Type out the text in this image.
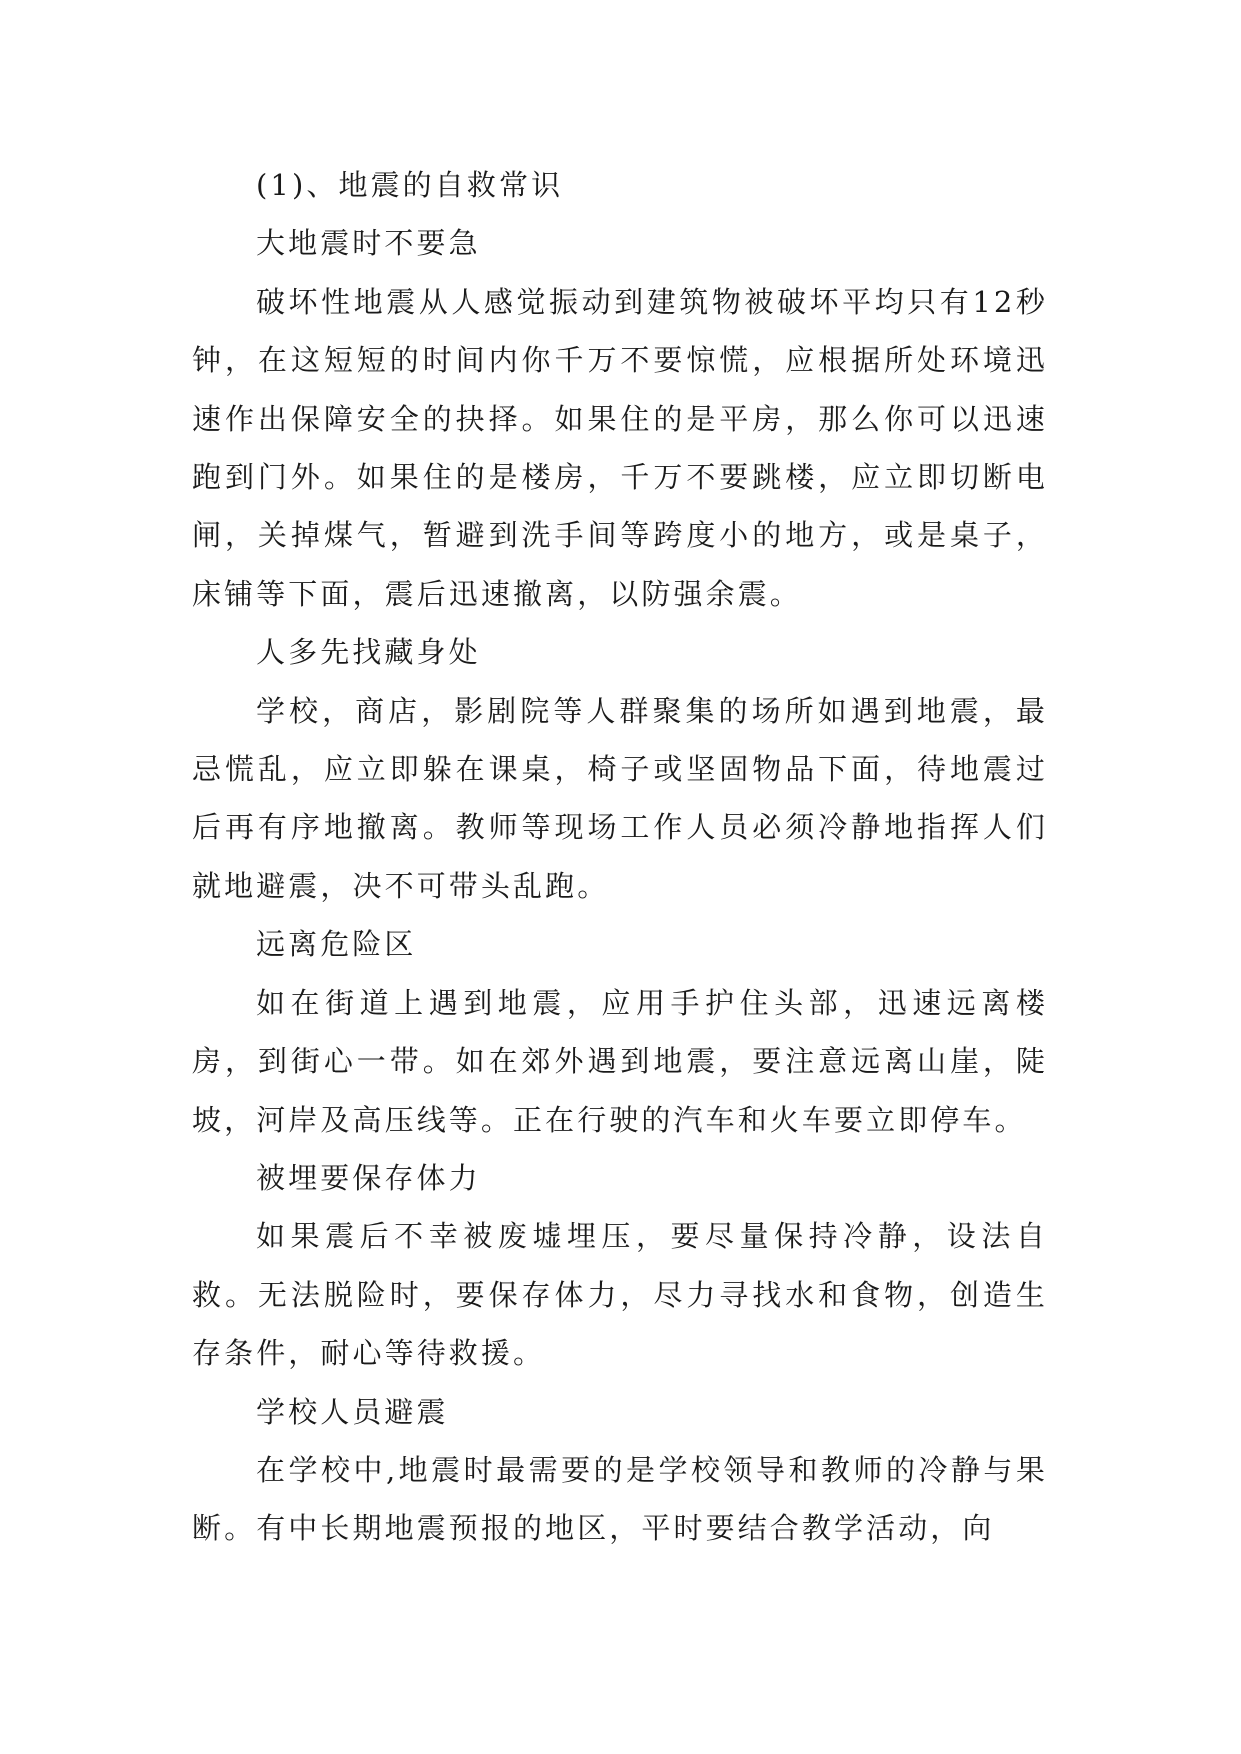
(1)、地震的自救常识
大地震时不要急

破坏性地震从人感觉振动到建筑物被破坏平均只有12秒钟，在这短短的时间内你千万不要惊慌，应根据所处环境迅速作出保障安全的抉择。如果住的是平房，那么你可以迅速跑到门外。如果住的是楼房，千万不要跳楼，应立即切断电闸，关掉煤气，暂避到洗手间等跨度小的地方，或是桌子，床铺等下面，震后迅速撤离，以防强余震。

人多先找藏身处

学校，商店，影剧院等人群聚集的场所如遇到地震，最忌慌乱，应立即躲在课桌，椅子或坚固物品下面，待地震过后再有序地撤离。教师等现场工作人员必须冷静地指挥人们就地避震，决不可带头乱跑。

远离危险区

如在街道上遇到地震，应用手护住头部，迅速远离楼房，到街心一带。如在郊外遇到地震，要注意远离山崖，陡坡，河岸及高压线等。正在行驶的汽车和火车要立即停车。

被埋要保存体力

如果震后不幸被废墟埋压，要尽量保持冷静，设法自救。无法脱险时，要保存体力，尽力寻找水和食物，创造生存条件，耐心等待救援。

学校人员避震

在学校中,地震时最需要的是学校领导和教师的冷静与果断。有中长期地震预报的地区，平时要结合教学活动，向
